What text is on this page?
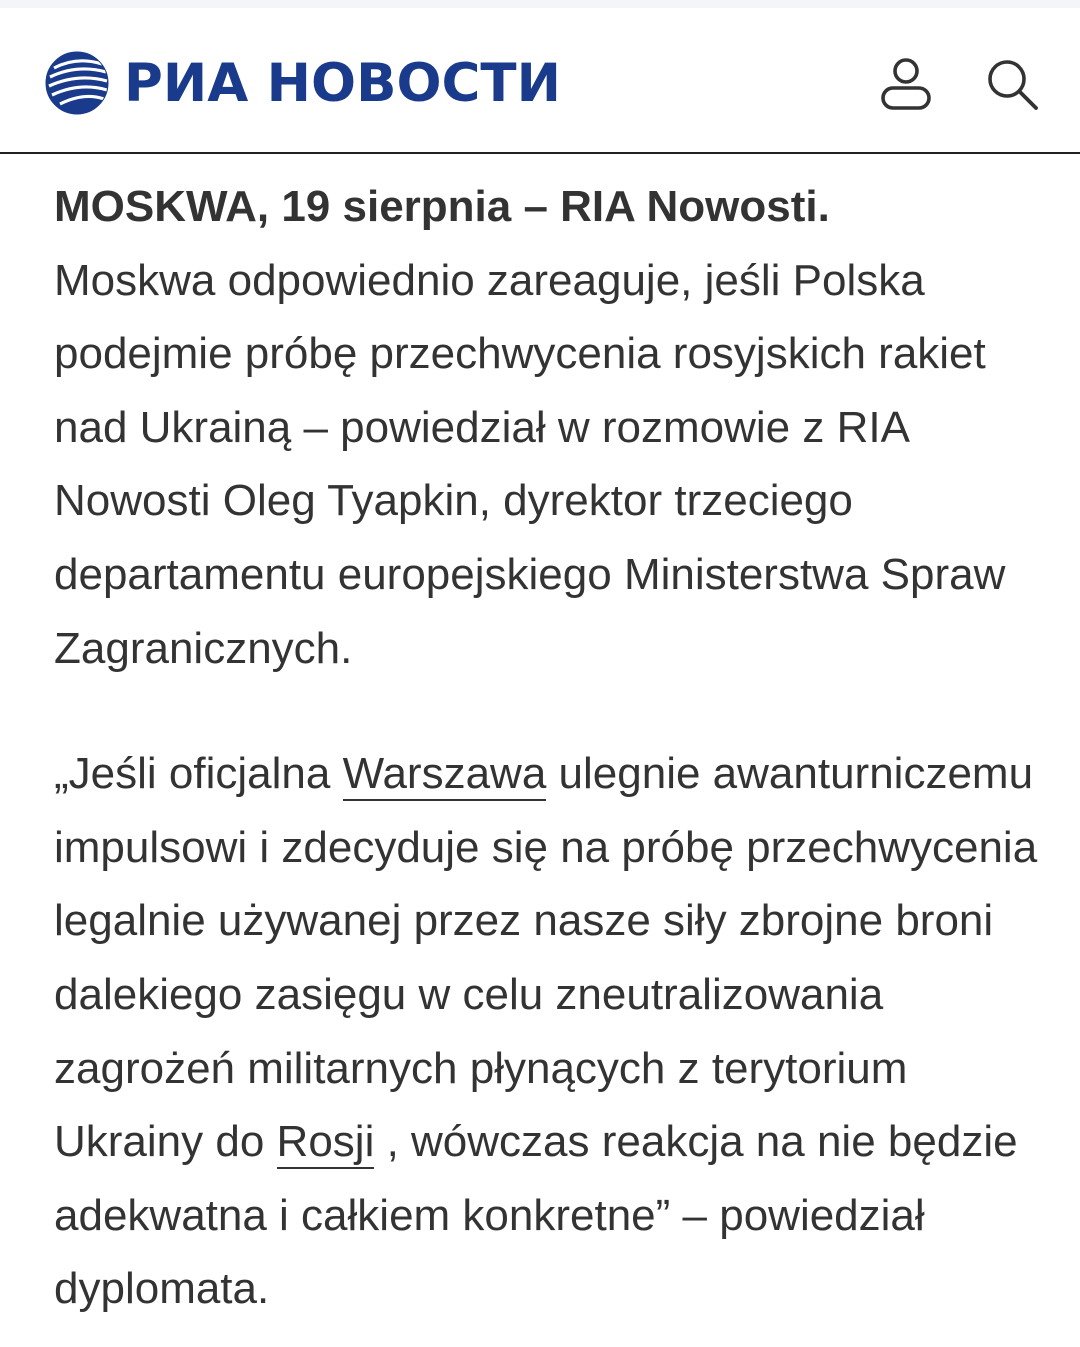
РИА НОВОСТИ

MOSKWA, 19 sierpnia – RIA Nowosti.
Moskwa odpowiednio zareaguje, jeśli Polska podejmie próbę przechwycenia rosyjskich rakiet nad Ukrainą – powiedział w rozmowie z RIA Nowosti Oleg Tyapkin, dyrektor trzeciego departamentu europejskiego Ministerstwa Spraw Zagranicznych.

„Jeśli oficjalna Warszawa ulegnie awanturniczemu impulsowi i zdecyduje się na próbę przechwycenia legalnie używanej przez nasze siły zbrojne broni dalekiego zasięgu w celu zneutralizowania zagrożeń militarnych płynących z terytorium Ukrainy do Rosji , wówczas reakcja na nie będzie adekwatna i całkiem konkretne” – powiedział dyplomata.
